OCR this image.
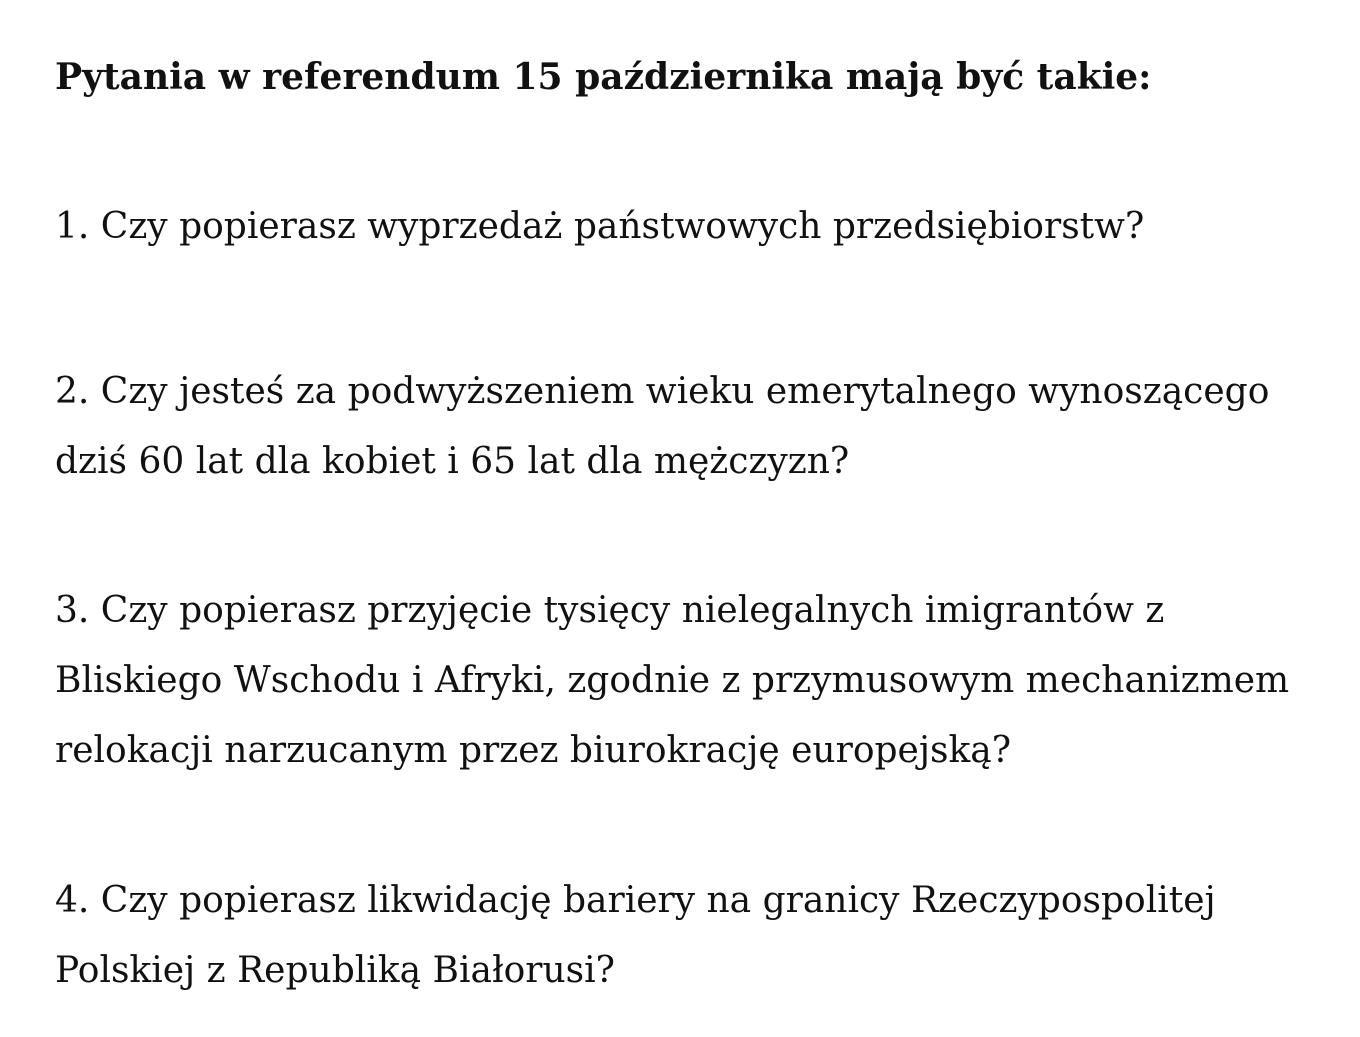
Pytania w referendum 15 października mają być takie:

1. Czy popierasz wyprzedaż państwowych przedsiębiorstw?

2. Czy jesteś za podwyższeniem wieku emerytalnego wynoszącego
dziś 60 lat dla kobiet i 65 lat dla mężczyzn?

3. Czy popierasz przyjęcie tysięcy nielegalnych imigrantów z
Bliskiego Wschodu i Afryki, zgodnie z przymusowym mechanizmem
relokacji narzucanym przez biurokrację europejską?

4. Czy popierasz likwidację bariery na granicy Rzeczypospolitej
Polskiej z Republiką Białorusi?
